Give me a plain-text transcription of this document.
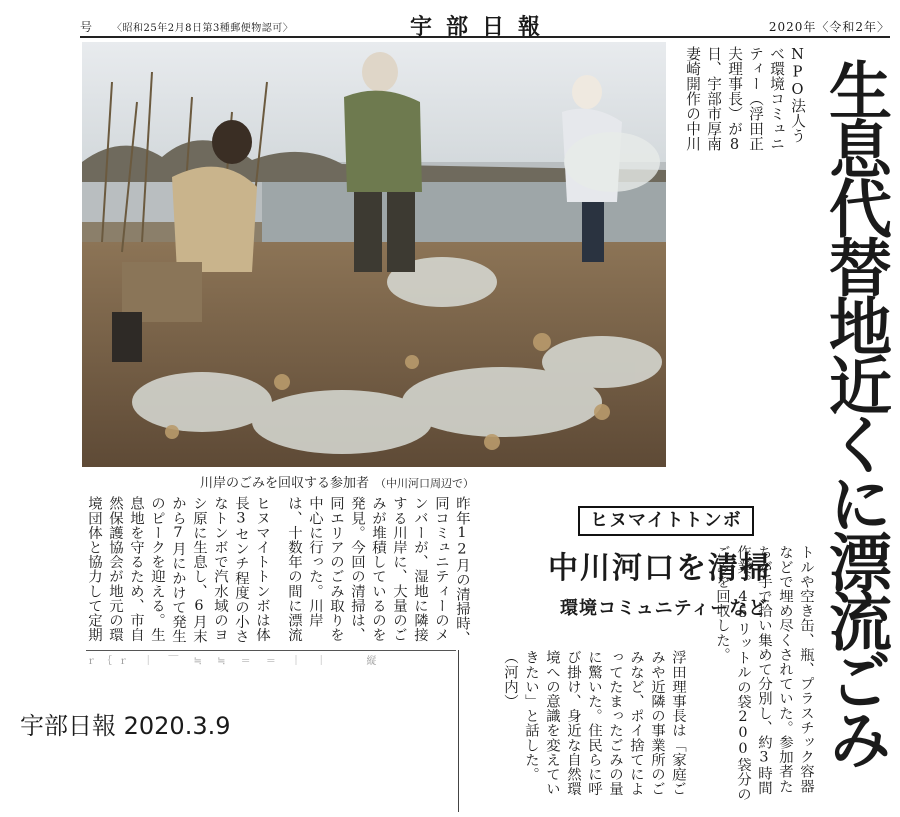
号 〈昭和25年2月8日第3種郵便物認可〉	宇部日報	2020年〈令和2年〉
生息代替地近くに漂流ごみ
NPO法人うべ環境コミュニティー（浮田正夫理事長）が8日、宇部市厚南妻崎開作の中川
川岸のごみを回収する参加者 （中川河口周辺で）
ヒヌマイトトンボは体長3センチ程度の小さなトンボで汽水域のヨシ原に生息し、6月末から7月にかけて発生のピークを迎える。生息地を守るため、市自然保護協会が地元の環境団体と協力して定期
昨年12月の清掃時、同コミュニティーのメンバーが、湿地に隣接する川岸に、大量のごみが堆積しているのを発見。今回の清掃は、同エリアのごみ取りを中心に行った。川岸は、十数年の間に漂流
ｒ｛ｒ ｜ ￣ ≒ ≒ ＝ ＝ ｜ ｜ 　 縦
ヒヌマイトトンボ
中川河口を清掃
環境コミュニティーなど	トルや空き缶、瓶、プラスチック容器などで埋め尽くされていた。参加者たちが手で拾い集めて分別し、約3時間作業。45リットルの袋200袋分のごみを回収した。
浮田理事長は「家庭ごみや近隣の事業所のごみなど、ポイ捨てによってたまったごみの量に驚いた。住民らに呼び掛け、身近な自然環境への意識を変えていきたい」と話した。（河内）
宇部日報 2020.3.9
